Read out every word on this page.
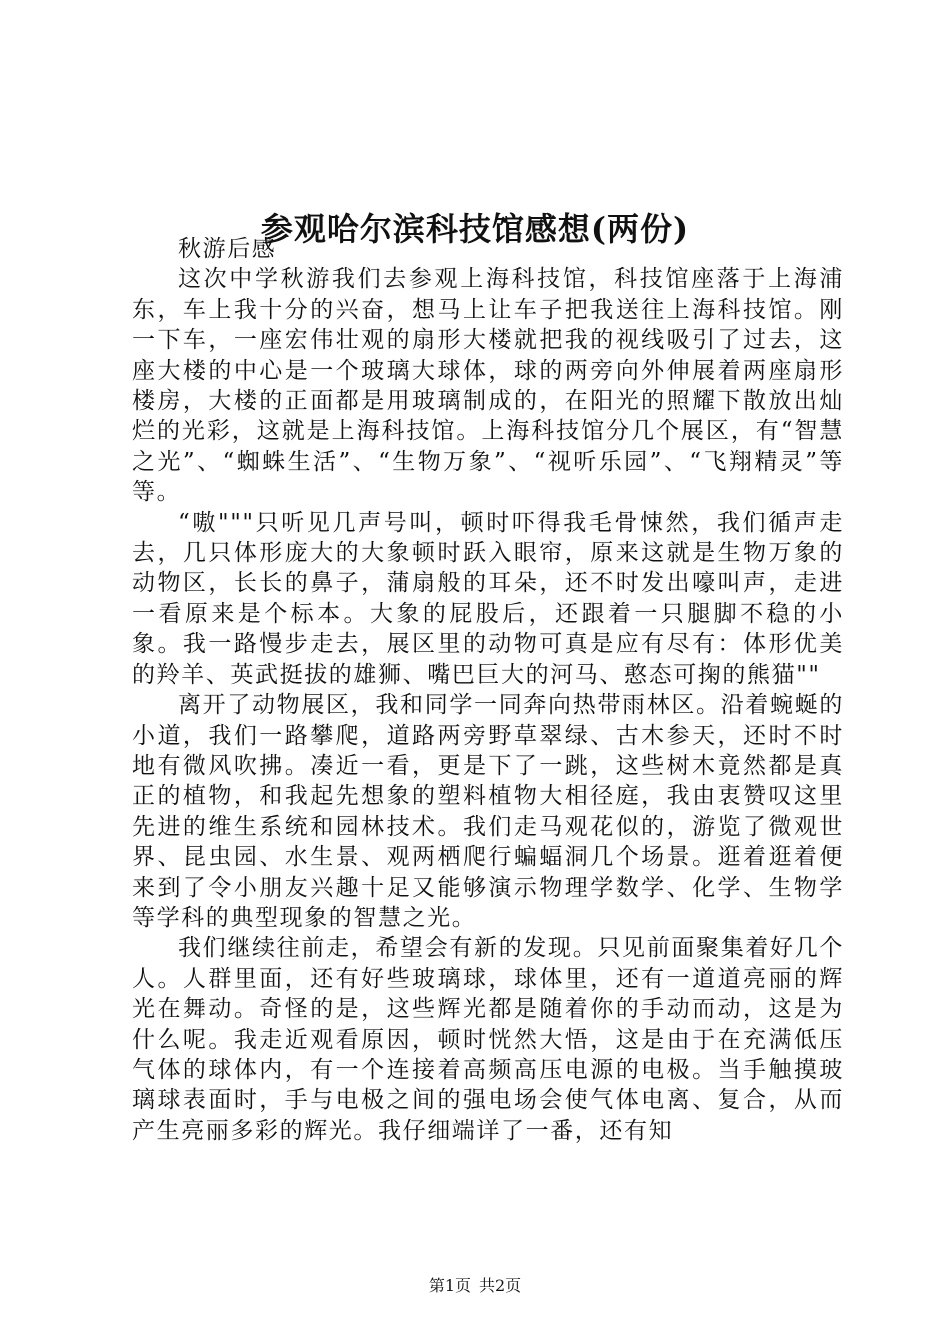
参观哈尔滨科技馆感想(两份)

秋游后感

这次中学秋游我们去参观上海科技馆，科技馆座落于上海浦东，车上我十分的兴奋，想马上让车子把我送往上海科技馆。刚一下车，一座宏伟壮观的扇形大楼就把我的视线吸引了过去，这座大楼的中心是一个玻璃大球体，球的两旁向外伸展着两座扇形楼房，大楼的正面都是用玻璃制成的，在阳光的照耀下散放出灿烂的光彩，这就是上海科技馆。上海科技馆分几个展区，有“智慧之光”、“蜘蛛生活”、“生物万象”、“视听乐园”、“飞翔精灵”等等。

“嗷"""只听见几声号叫，顿时吓得我毛骨悚然，我们循声走去，几只体形庞大的大象顿时跃入眼帘，原来这就是生物万象的动物区，长长的鼻子，蒲扇般的耳朵，还不时发出嚎叫声，走进一看原来是个标本。大象的屁股后，还跟着一只腿脚不稳的小象。我一路慢步走去，展区里的动物可真是应有尽有：体形优美的羚羊、英武挺拔的雄狮、嘴巴巨大的河马、憨态可掬的熊猫""

离开了动物展区，我和同学一同奔向热带雨林区。沿着蜿蜒的小道，我们一路攀爬，道路两旁野草翠绿、古木参天，还时不时地有微风吹拂。凑近一看，更是下了一跳，这些树木竟然都是真正的植物，和我起先想象的塑料植物大相径庭，我由衷赞叹这里先进的维生系统和园林技术。我们走马观花似的，游览了微观世界、昆虫园、水生景、观两栖爬行蝙蝠洞几个场景。逛着逛着便来到了令小朋友兴趣十足又能够演示物理学数学、化学、生物学等学科的典型现象的智慧之光。

我们继续往前走，希望会有新的发现。只见前面聚集着好几个人。人群里面，还有好些玻璃球，球体里，还有一道道亮丽的辉光在舞动。奇怪的是，这些辉光都是随着你的手动而动，这是为什么呢。我走近观看原因，顿时恍然大悟，这是由于在充满低压气体的球体内，有一个连接着高频高压电源的电极。当手触摸玻璃球表面时，手与电极之间的强电场会使气体电离、复合，从而产生亮丽多彩的辉光。我仔细端详了一番，还有知

第1页 共2页
